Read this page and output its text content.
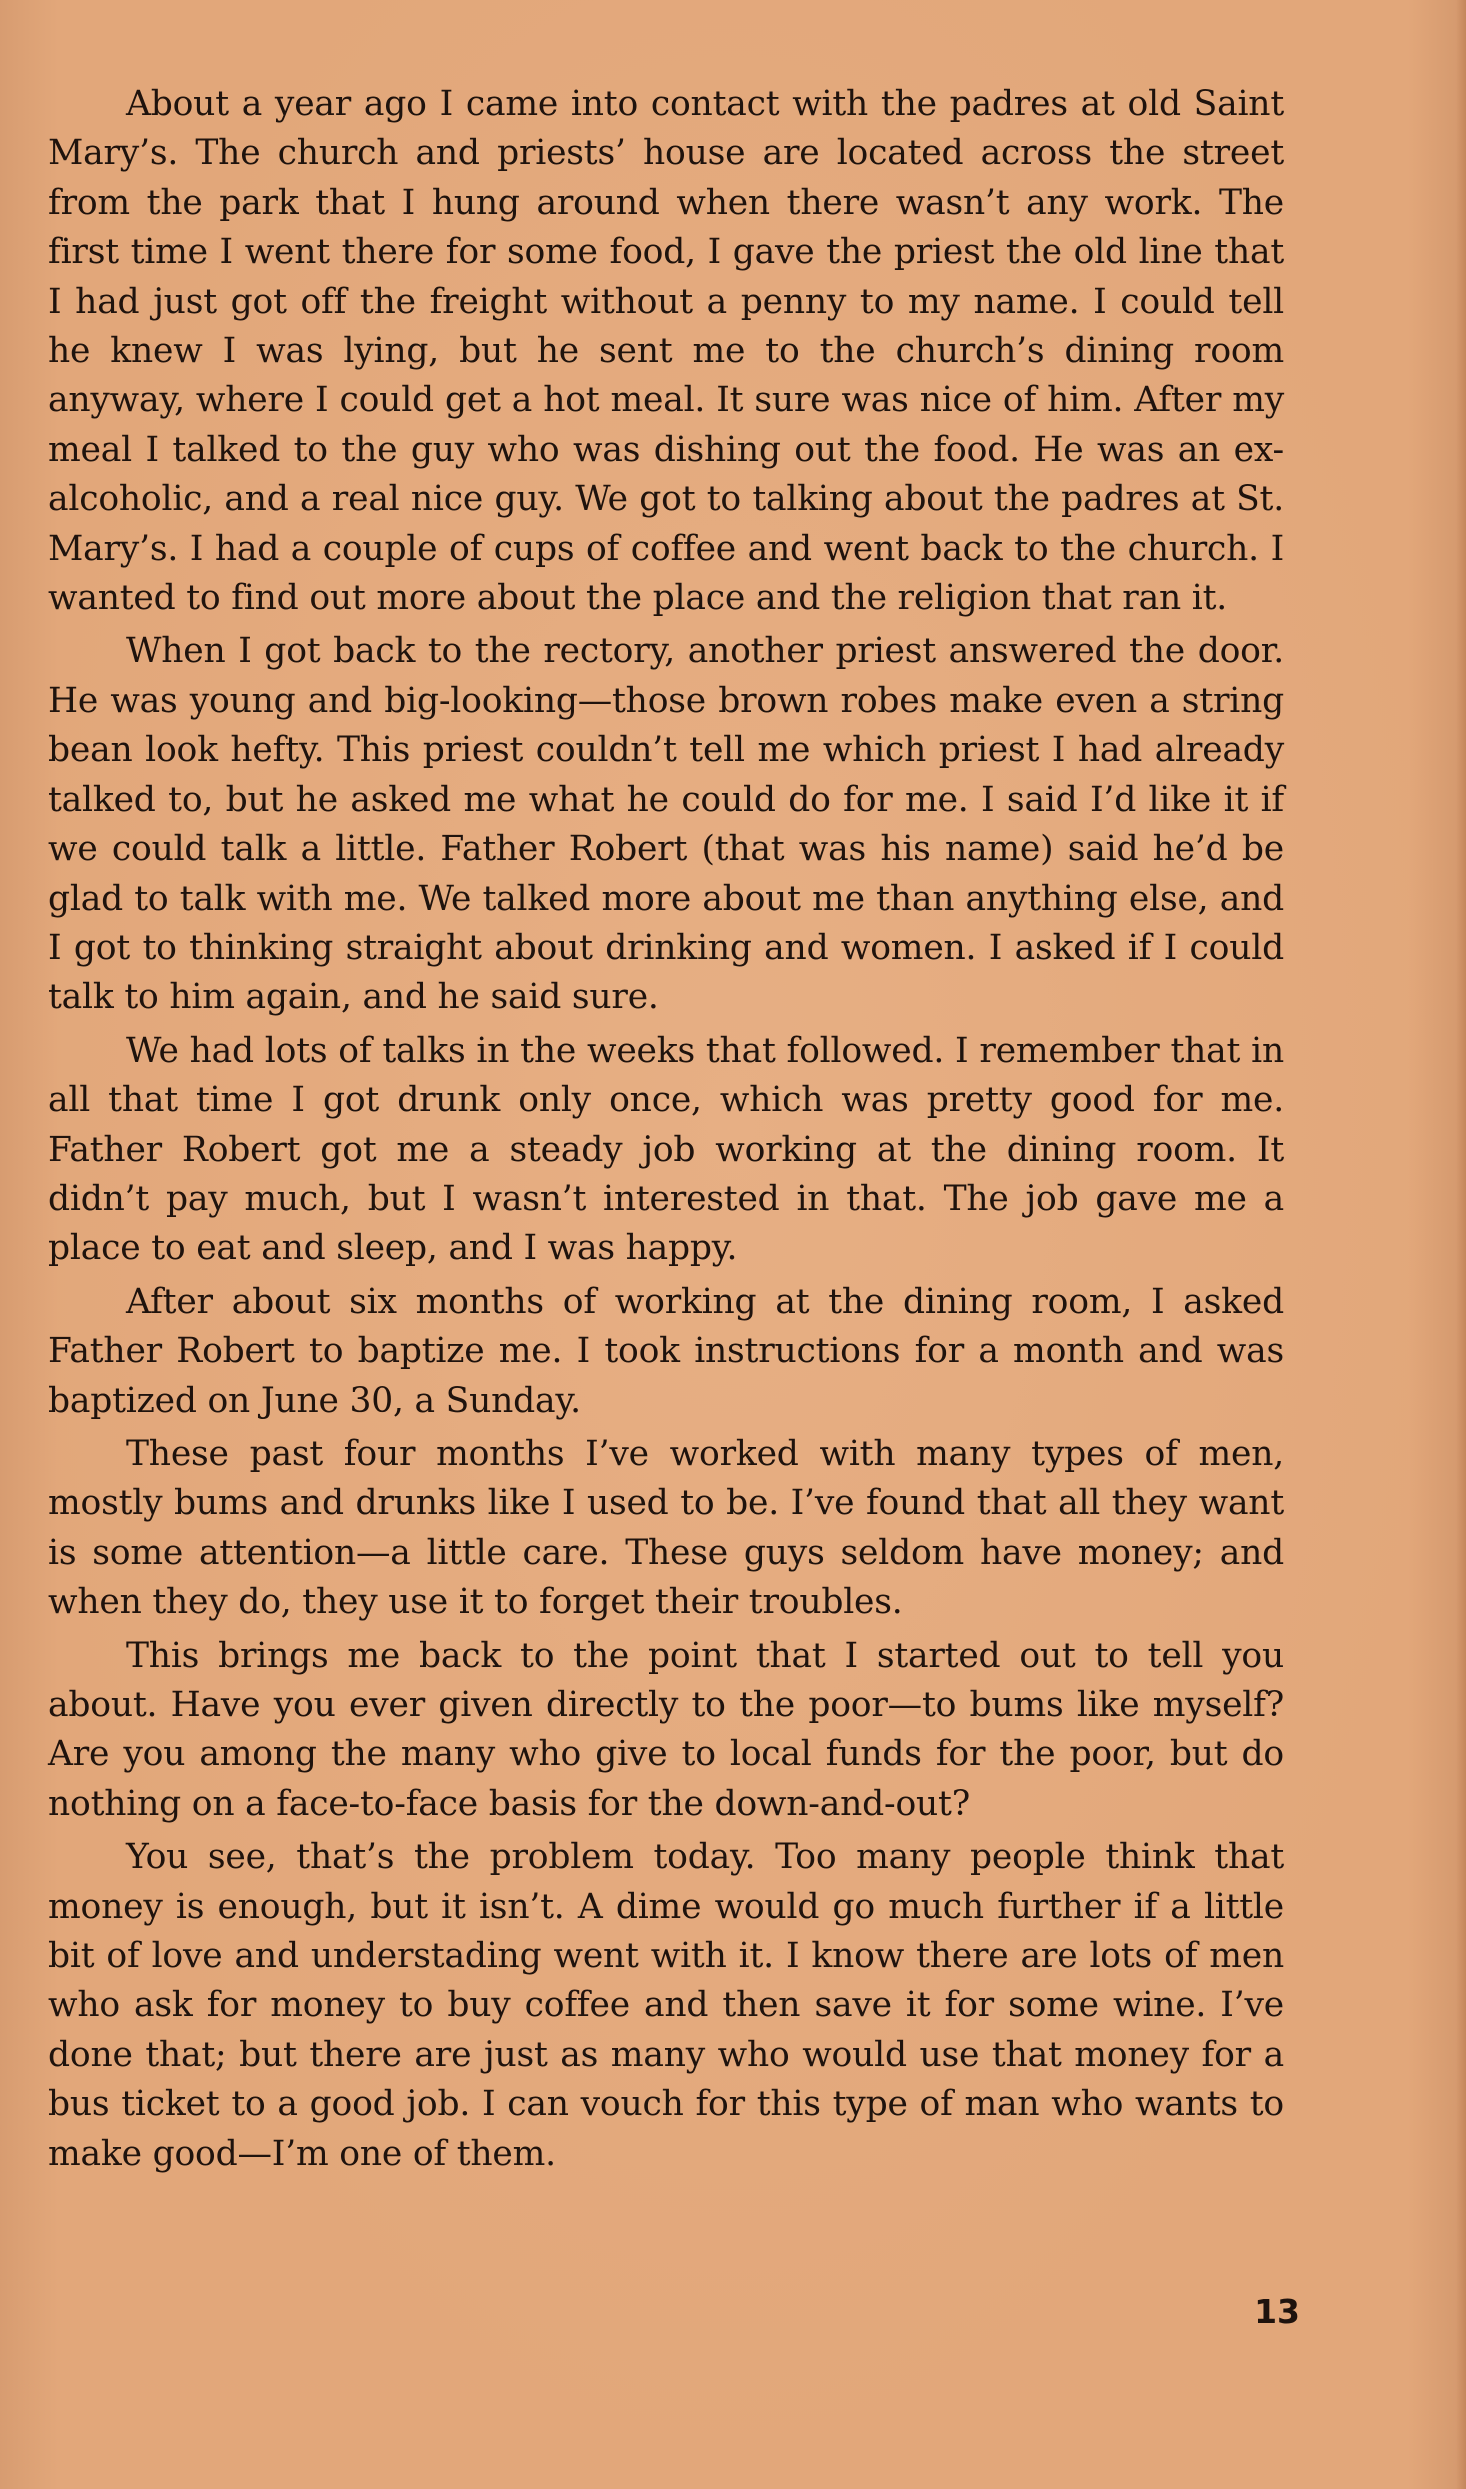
About a year ago I came into contact with the padres at old Saint Mary’s. The church and priests’ house are located across the street from the park that I hung around when there wasn’t any work. The first time I went there for some food, I gave the priest the old line that I had just got off the freight without a penny to my name. I could tell he knew I was lying, but he sent me to the church’s dining room anyway, where I could get a hot meal. It sure was nice of him. After my meal I talked to the guy who was dishing out the food. He was an ex-alcoholic, and a real nice guy. We got to talking about the padres at St. Mary’s. I had a couple of cups of coffee and went back to the church. I wanted to find out more about the place and the religion that ran it.

When I got back to the rectory, another priest answered the door. He was young and big-looking—those brown robes make even a string bean look hefty. This priest couldn’t tell me which priest I had already talked to, but he asked me what he could do for me. I said I’d like it if we could talk a little. Father Robert (that was his name) said he’d be glad to talk with me. We talked more about me than anything else, and I got to thinking straight about drinking and women. I asked if I could talk to him again, and he said sure.

We had lots of talks in the weeks that followed. I remember that in all that time I got drunk only once, which was pretty good for me. Father Robert got me a steady job working at the dining room. It didn’t pay much, but I wasn’t interested in that. The job gave me a place to eat and sleep, and I was happy.

After about six months of working at the dining room, I asked Father Robert to baptize me. I took instructions for a month and was baptized on June 30, a Sunday.

These past four months I’ve worked with many types of men, mostly bums and drunks like I used to be. I’ve found that all they want is some attention—a little care. These guys seldom have money; and when they do, they use it to forget their troubles.

This brings me back to the point that I started out to tell you about. Have you ever given directly to the poor—to bums like myself? Are you among the many who give to local funds for the poor, but do nothing on a face-to-face basis for the down-and-out?

You see, that’s the problem today. Too many people think that money is enough, but it isn’t. A dime would go much further if a little bit of love and understading went with it. I know there are lots of men who ask for money to buy coffee and then save it for some wine. I’ve done that; but there are just as many who would use that money for a bus ticket to a good job. I can vouch for this type of man who wants to make good—I’m one of them.

13
